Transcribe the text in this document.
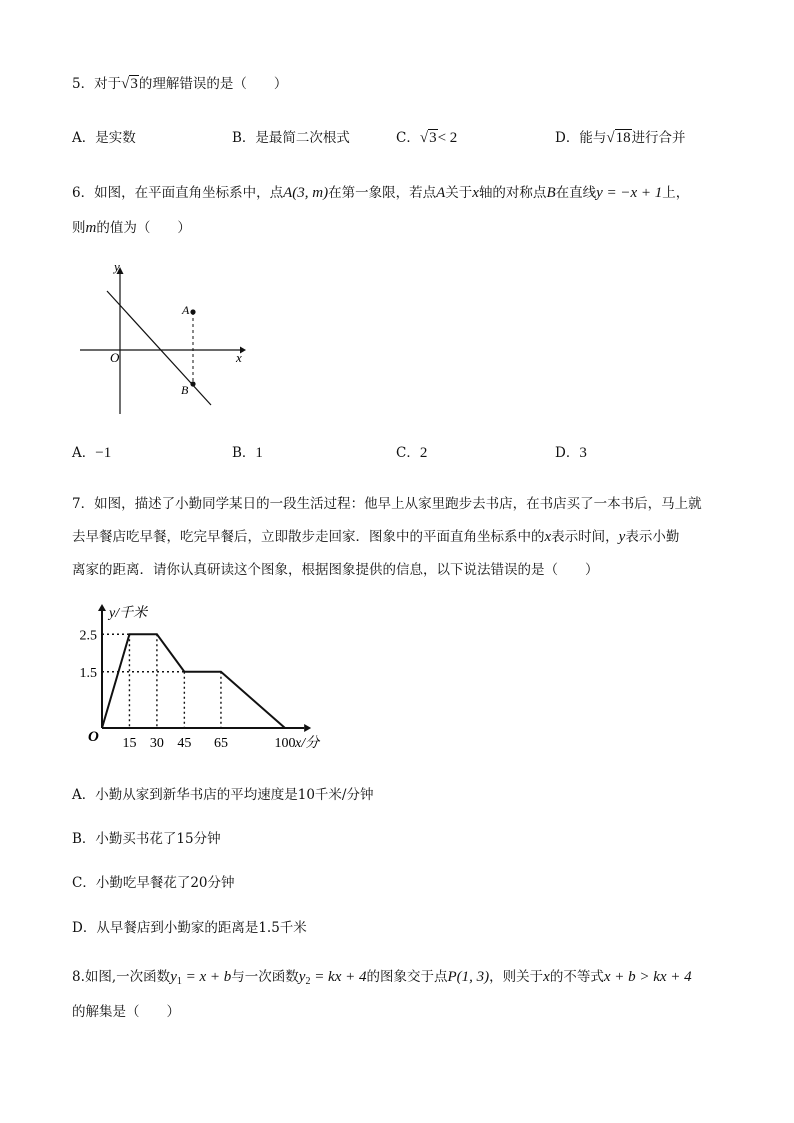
5．对于√3的理解错误的是（　　）
A．是实数	B．是最简二次根式	C．√3< 2	D．能与√18进行合并
6．如图，在平面直角坐标系中，点A(3, m)在第一象限，若点A关于x轴的对称点B在直线y = −x + 1上，
则m的值为（　　）
y
x
O
A
B
A．−1	B．1	C．2	D．3
7．如图，描述了小勤同学某日的一段生活过程：他早上从家里跑步去书店，在书店买了一本书后，马上就
去早餐店吃早餐，吃完早餐后，立即散步走回家．图象中的平面直角坐标系中的x表示时间，y表示小勤
离家的距离．请你认真研读这个图象，根据图象提供的信息，以下说法错误的是（　　）
y/千米
x/分
O 15 30 45 65	100
1.5
2.5
A．小勤从家到新华书店的平均速度是10千米/分钟
B．小勤买书花了15分钟
C．小勤吃早餐花了20分钟
D．从早餐店到小勤家的距离是1.5千米
8.如图,一次函数$y_1 = x + b$与一次函数$y_2$ = kx + 4的图象交于点P(1, 3)，则关于x的不等式x + b > kx + 4
的解集是（　　）
